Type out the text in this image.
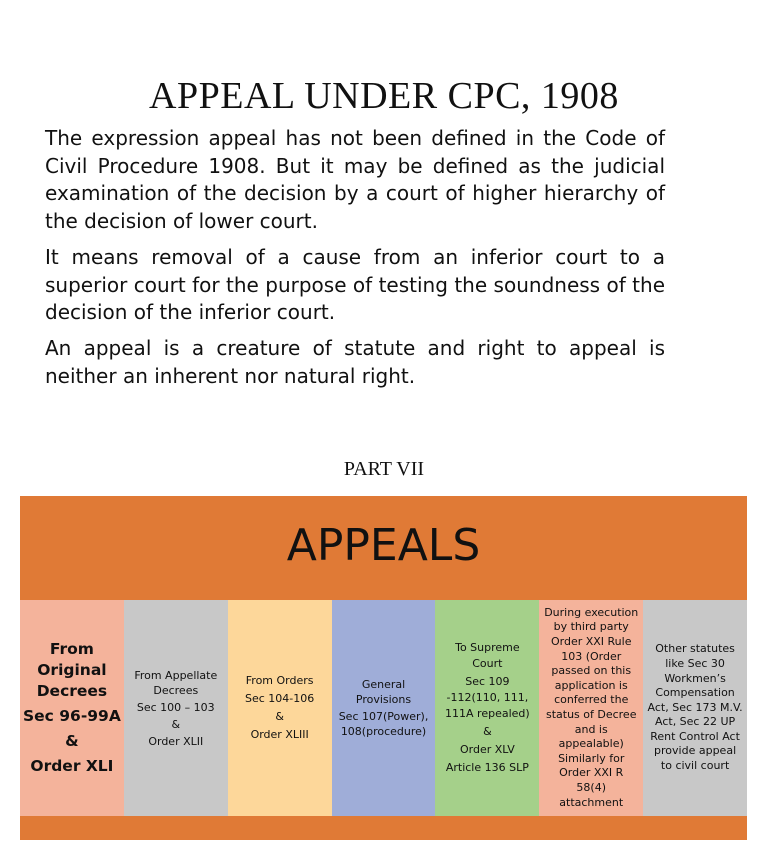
APPEAL UNDER CPC, 1908

The expression appeal has not been defined in the Code of Civil Procedure 1908. But it may be defined as the judicial examination of the decision by a court of higher hierarchy of the decision of lower court.

It means removal of a cause from an inferior court to a superior court for the purpose of testing the soundness of the decision of the inferior court.

An appeal is a creature of statute and right to appeal is neither an inherent nor natural right.

PART VII
APPEALS
From
Original
Decrees
Sec 96-99A
&
Order XLI
From Appellate
Decrees
Sec 100 – 103
&
Order XLII
From Orders
Sec 104-106
&
Order XLIII
General
Provisions
Sec 107(Power),
108(procedure)
To Supreme
Court
Sec 109
-112(110, 111,
111A repealed)
&
Order XLV
Article 136 SLP
During execution
by third party
Order XXI Rule
103 (Order
passed on this
application is
conferred the
status of Decree
and is
appealable)
Similarly for
Order XXI R
58(4)
attachment
Other statutes
like Sec 30
Workmen’s
Compensation
Act, Sec 173 M.V.
Act, Sec 22 UP
Rent Control Act
provide appeal
to civil court
